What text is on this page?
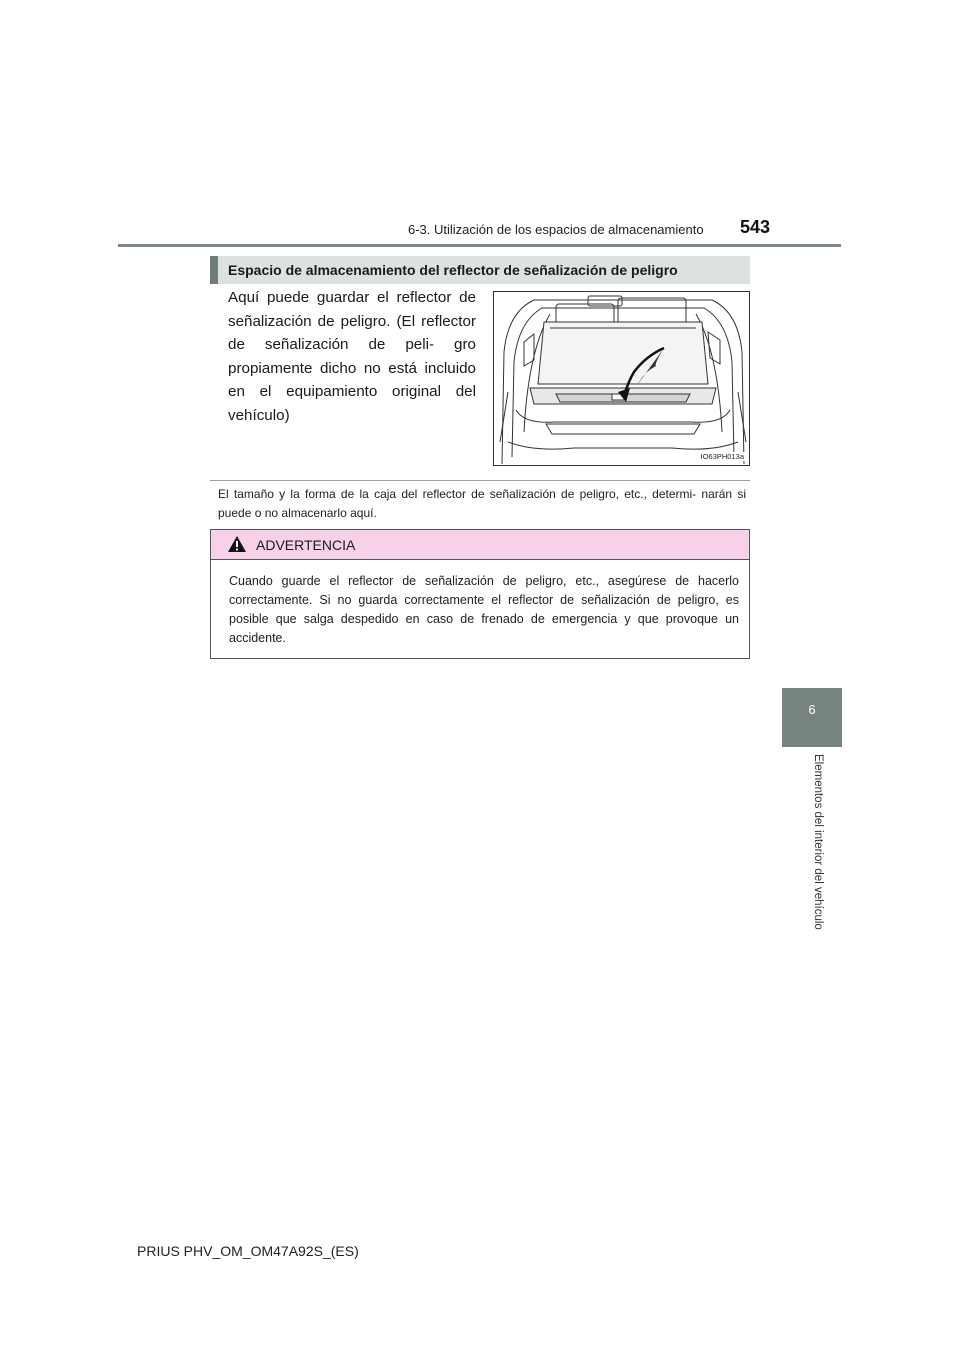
6-3. Utilización de los espacios de almacenamiento 543
6
Elementos del interior del vehículo
Espacio de almacenamiento del reflector de señalización de peligro
Aquí puede guardar el reflector de señalización de peligro. (El reflector de señalización de peli- gro propiamente dicho no está incluido en el equipamiento original del vehículo)
IO63PH013a
El tamaño y la forma de la caja del reflector de señalización de peligro, etc., determi- narán si puede o no almacenarlo aquí.
ADVERTENCIA
Cuando guarde el reflector de señalización de peligro, etc., asegúrese de hacerlo correctamente. Si no guarda correctamente el reflector de señalización de peligro, es posible que salga despedido en caso de frenado de emergencia y que provoque un accidente.
PRIUS PHV_OM_OM47A92S_(ES)
